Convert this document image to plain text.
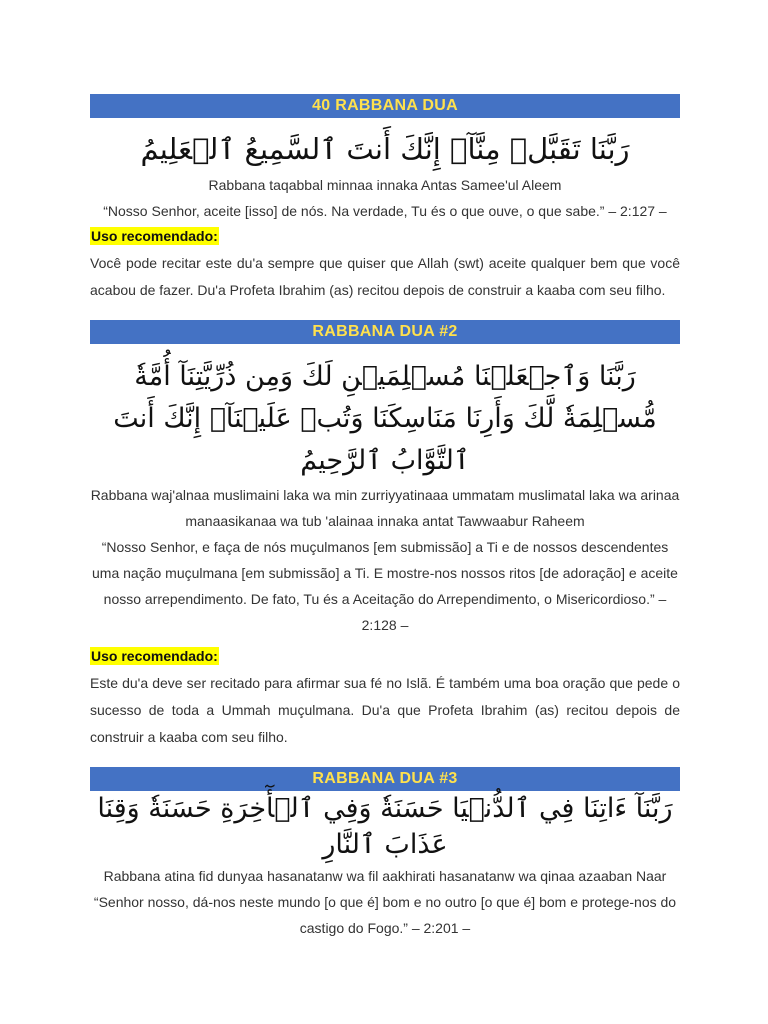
40 RABBANA DUA
رَبَّنَا تَقَبَّلۡ مِنَّآۖ إِنَّكَ أَنتَ ٱلسَّمِيعُ ٱلۡعَلِيمُ
Rabbana taqabbal minnaa innaka Antas Samee'ul Aleem
“Nosso Senhor, aceite [isso] de nós. Na verdade, Tu és o que ouve, o que sabe.” – 2:127 –
Uso recomendado:
Você pode recitar este du'a sempre que quiser que Allah (swt) aceite qualquer bem que você acabou de fazer. Du'a Profeta Ibrahim (as) recitou depois de construir a kaaba com seu filho.
RABBANA DUA #2
رَبَّنَا وَٱجۡعَلۡنَا مُسۡلِمَيۡنِ لَكَ وَمِن ذُرِّيَّتِنَآ أُمَّةٗ مُّسۡلِمَةٗ لَّكَ وَأَرِنَا مَنَاسِكَنَا وَتُبۡ عَلَيۡنَآۖ إِنَّكَ أَنتَ ٱلتَّوَّابُ ٱلرَّحِيمُ
Rabbana waj'alnaa muslimaini laka wa min zurriyyatinaaa ummatam muslimatal laka wa arinaa manaasikanaa wa tub 'alainaa innaka antat Tawwaabur Raheem
“Nosso Senhor, e faça de nós muçulmanos [em submissão] a Ti e de nossos descendentes uma nação muçulmana [em submissão] a Ti. E mostre-nos nossos ritos [de adoração] e aceite nosso arrependimento. De fato, Tu és a Aceitação do Arrependimento, o Misericordioso.” – 2:128 –
Uso recomendado:
Este du'a deve ser recitado para afirmar sua fé no Islã. É também uma boa oração que pede o sucesso de toda a Ummah muçulmana. Du'a que Profeta Ibrahim (as) recitou depois de construir a kaaba com seu filho.
RABBANA DUA #3
رَبَّنَآ ءَاتِنَا فِي ٱلدُّنۡيَا حَسَنَةٗ وَفِي ٱلۡأٓخِرَةِ حَسَنَةٗ وَقِنَا عَذَابَ ٱلنَّارِ
Rabbana atina fid dunyaa hasanatanw wa fil aakhirati hasanatanw wa qinaa azaaban Naar
“Senhor nosso, dá-nos neste mundo [o que é] bom e no outro [o que é] bom e protege-nos do castigo do Fogo.” – 2:201 –
